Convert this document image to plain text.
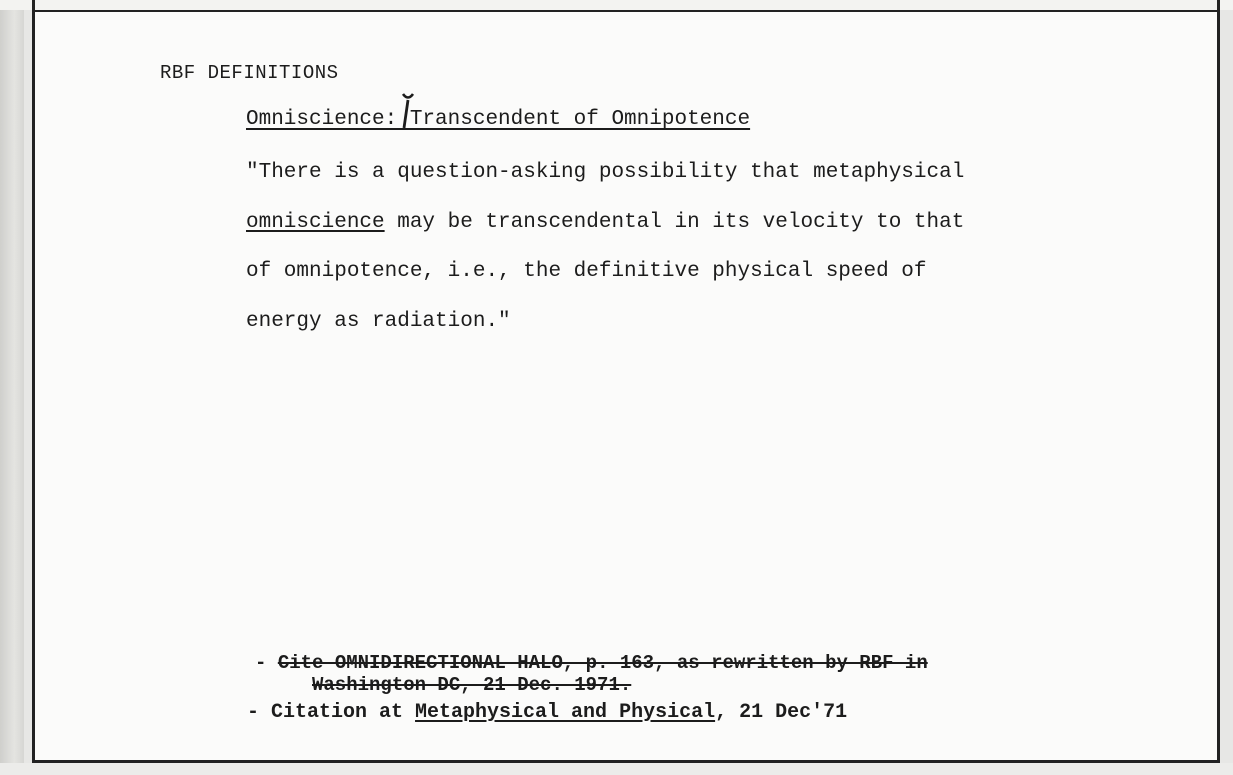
RBF DEFINITIONS
Omniscience: Transcendent of Omnipotence
"There is a question-asking possibility that metaphysical
omniscience may be transcendental in its velocity to that
of omnipotence, i.e., the definitive physical speed of
energy as radiation."
- Cite OMNIDIRECTIONAL HALO, p. 163, as rewritten by RBF in
Washington DC, 21 Dec. 1971.
- Citation at Metaphysical and Physical, 21 Dec'71
